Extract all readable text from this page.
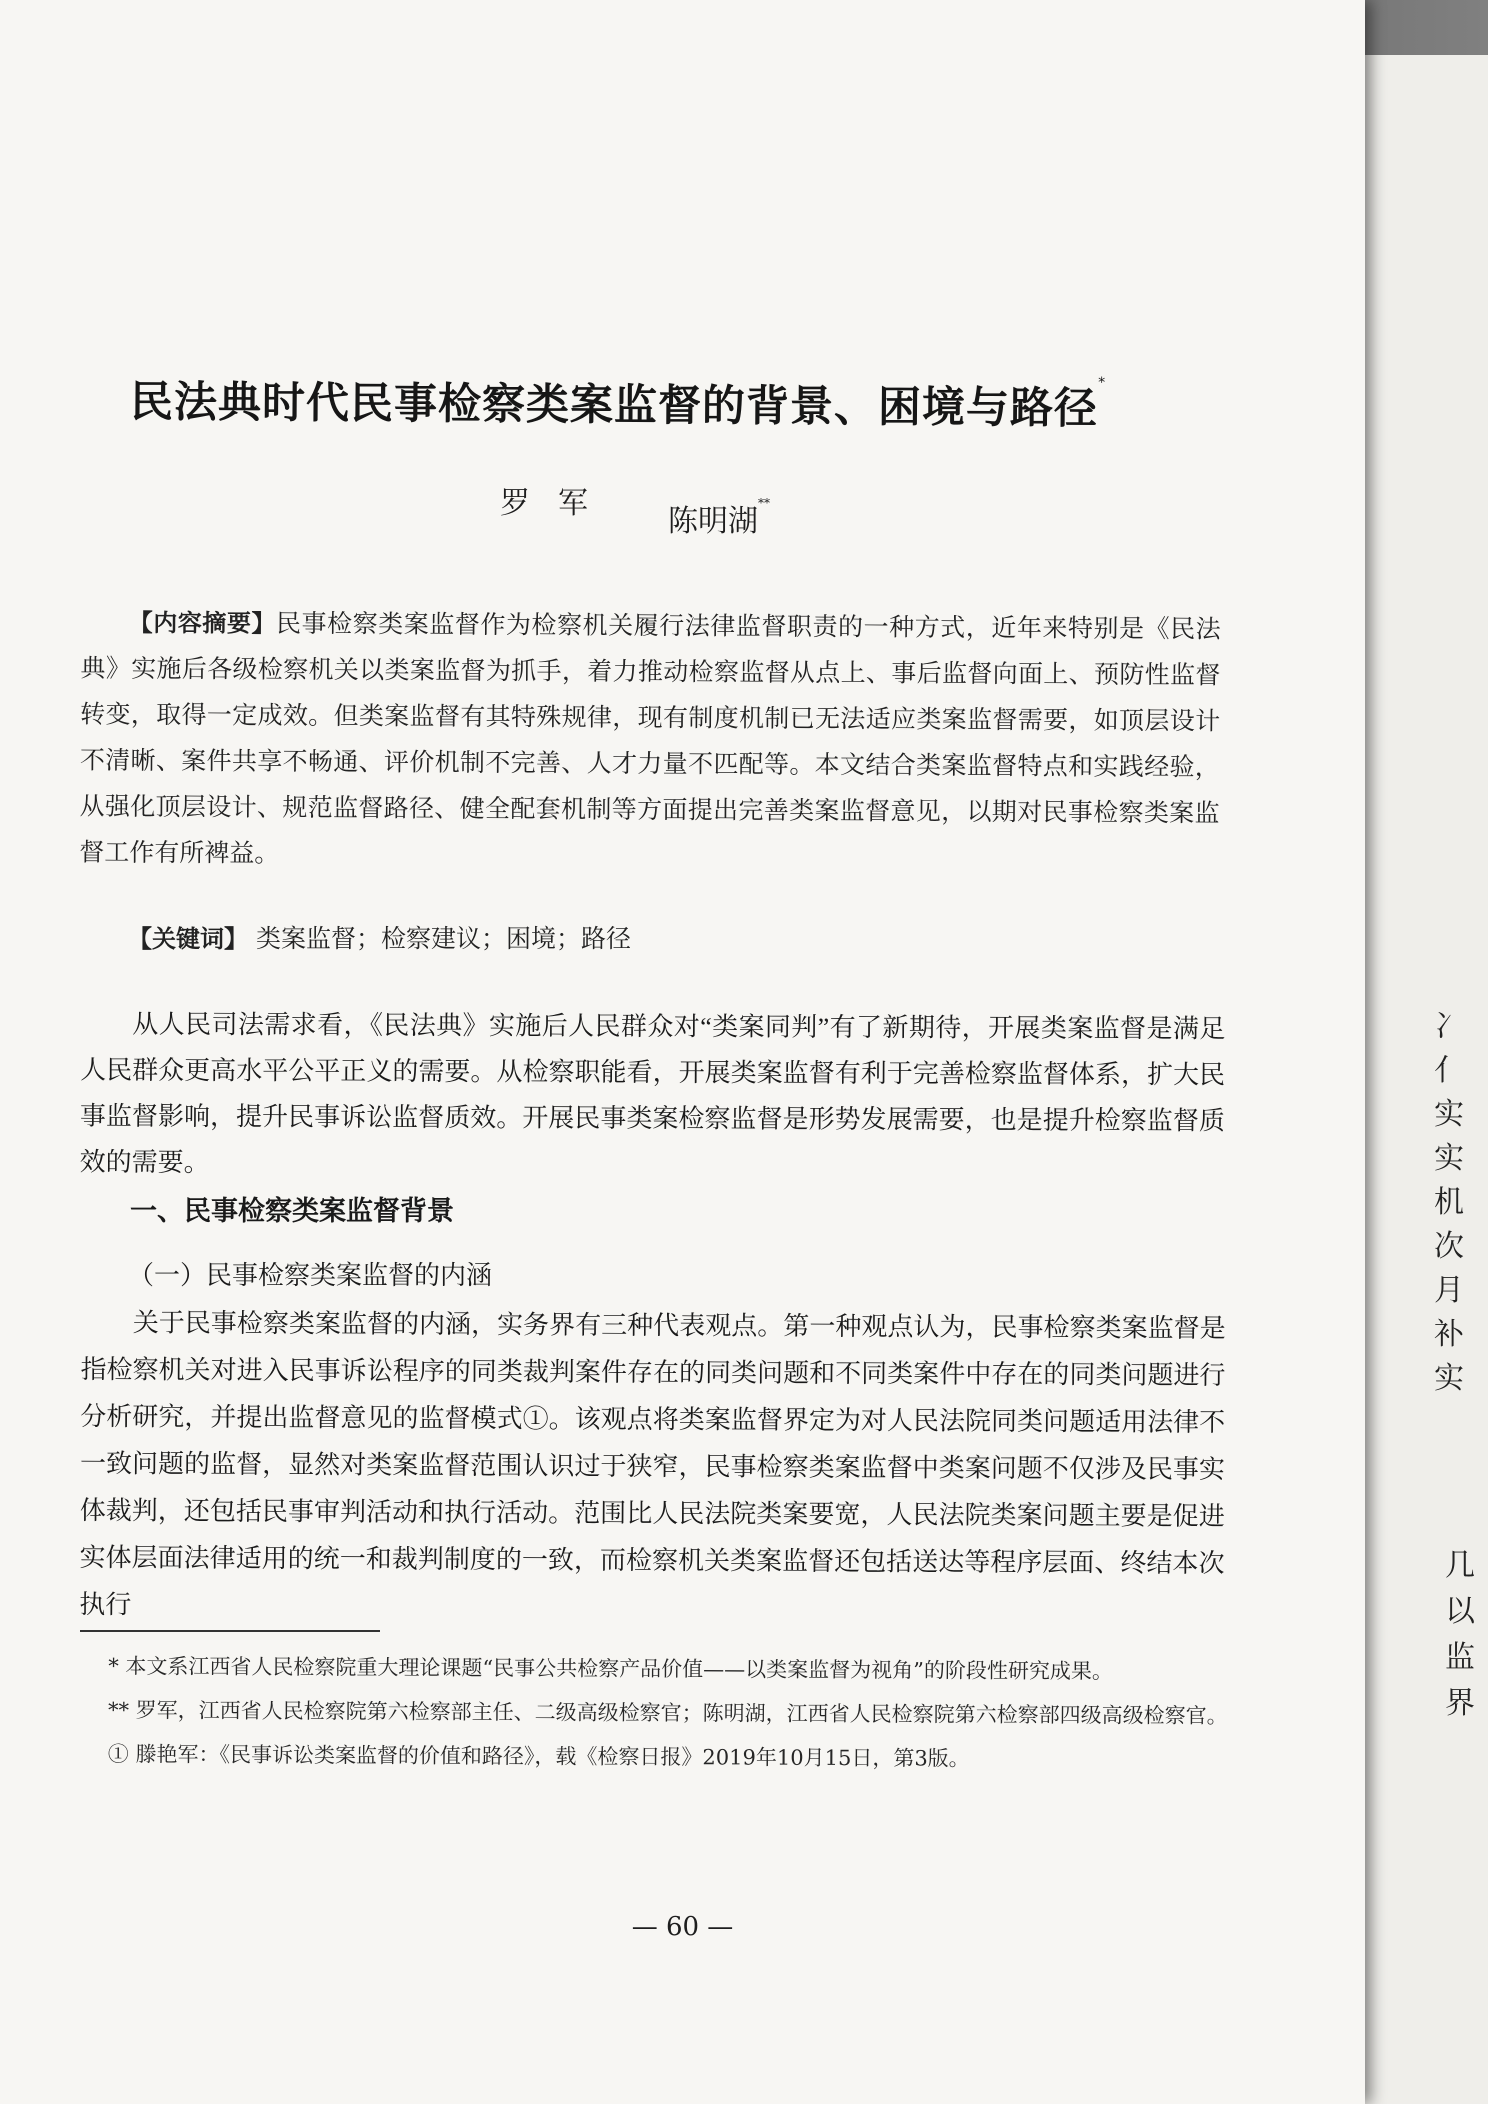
冫
亻
实
实
机
次
月
补
实
几
以
监
界
民法典时代民事检察类案监督的背景、困境与路径*
罗军
陈明湖**
【内容摘要】民事检察类案监督作为检察机关履行法律监督职责的一种方式，近年来特别是《民法典》实施后各级检察机关以类案监督为抓手，着力推动检察监督从点上、事后监督向面上、预防性监督转变，取得一定成效。但类案监督有其特殊规律，现有制度机制已无法适应类案监督需要，如顶层设计不清晰、案件共享不畅通、评价机制不完善、人才力量不匹配等。本文结合类案监督特点和实践经验，从强化顶层设计、规范监督路径、健全配套机制等方面提出完善类案监督意见，以期对民事检察类案监督工作有所裨益。
【关键词】 类案监督；检察建议；困境；路径

从人民司法需求看，《民法典》实施后人民群众对“类案同判”有了新期待，开展类案监督是满足人民群众更高水平公平正义的需要。从检察职能看，开展类案监督有利于完善检察监督体系，扩大民事监督影响，提升民事诉讼监督质效。开展民事类案检察监督是形势发展需要，也是提升检察监督质效的需要。

一、民事检察类案监督背景
（一）民事检察类案监督的内涵

关于民事检察类案监督的内涵，实务界有三种代表观点。第一种观点认为，民事检察类案监督是指检察机关对进入民事诉讼程序的同类裁判案件存在的同类问题和不同类案件中存在的同类问题进行分析研究，并提出监督意见的监督模式①。该观点将类案监督界定为对人民法院同类问题适用法律不一致问题的监督，显然对类案监督范围认识过于狭窄，民事检察类案监督中类案问题不仅涉及民事实体裁判，还包括民事审判活动和执行活动。范围比人民法院类案要宽，人民法院类案问题主要是促进实体层面法律适用的统一和裁判制度的一致，而检察机关类案监督还包括送达等程序层面、终结本次执行

* 本文系江西省人民检察院重大理论课题“民事公共检察产品价值——以类案监督为视角”的阶段性研究成果。

** 罗军，江西省人民检察院第六检察部主任、二级高级检察官；陈明湖，江西省人民检察院第六检察部四级高级检察官。

① 滕艳军：《民事诉讼类案监督的价值和路径》，载《检察日报》2019年10月15日，第3版。

— 60 —
